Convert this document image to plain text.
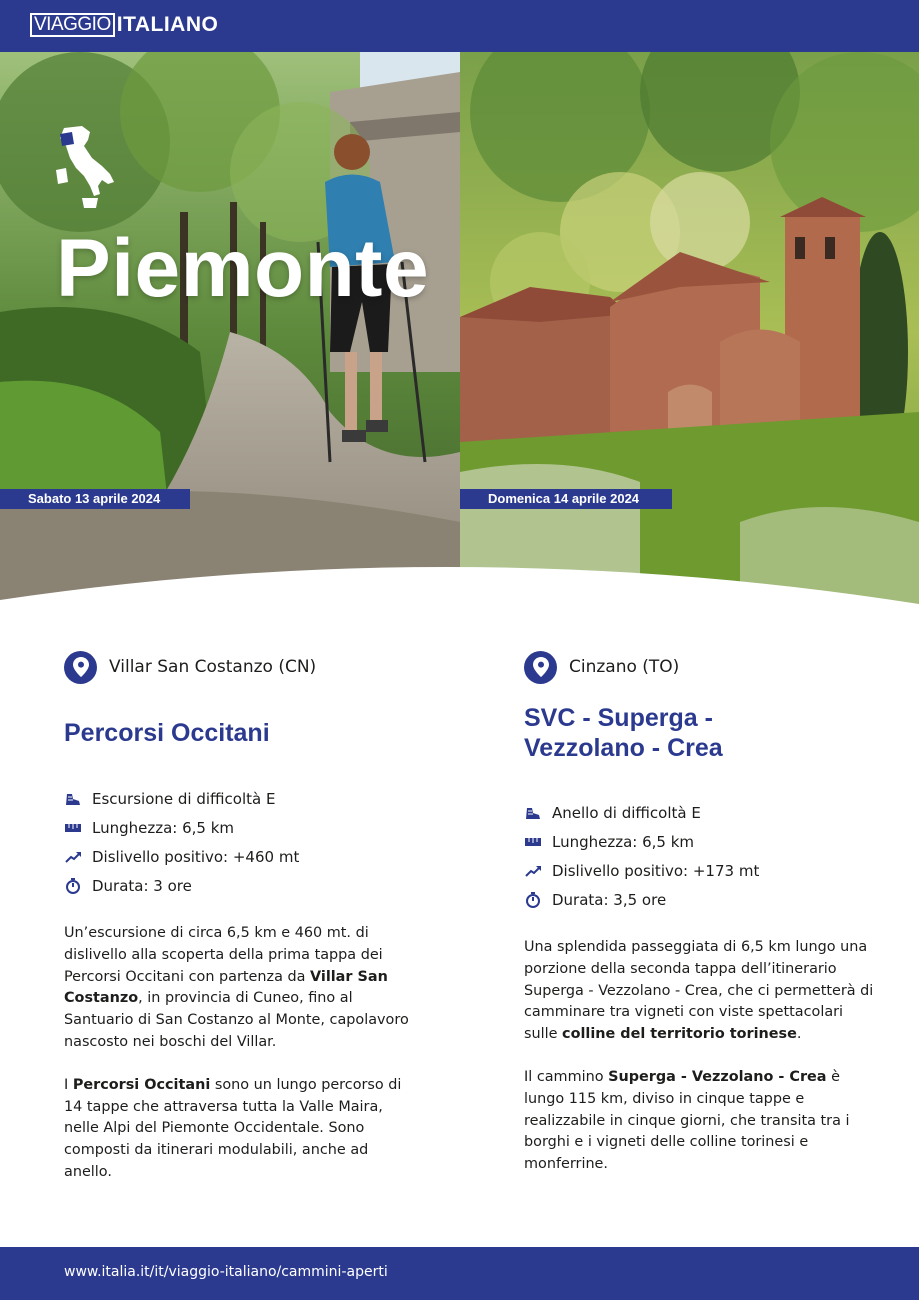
VIAGGIO ITALIANO
Piemonte
Sabato 13 aprile 2024	Domenica 14 aprile 2024
Villar San Costanzo (CN)
Percorsi Occitani
Escursione di difficoltà E
Lunghezza: 6,5 km
Dislivello positivo: +460 mt
Durata: 3 ore

Un’escursione di circa 6,5 km e 460 mt. di dislivello alla scoperta della prima tappa dei Percorsi Occitani con partenza da Villar San Costanzo, in provincia di Cuneo, fino al Santuario di San Costanzo al Monte, capolavoro nascosto nei boschi del Villar.

I Percorsi Occitani sono un lungo percorso di 14 tappe che attraversa tutta la Valle Maira, nelle Alpi del Piemonte Occidentale. Sono composti da itinerari modulabili, anche ad anello.

Cinzano (TO)
SVC - Superga -
Vezzolano - Crea
Anello di difficoltà E
Lunghezza: 6,5 km
Dislivello positivo: +173 mt
Durata: 3,5 ore

Una splendida passeggiata di 6,5 km lungo una porzione della seconda tappa dell’itinerario Superga - Vezzolano - Crea, che ci permetterà di camminare tra vigneti con viste spettacolari sulle colline del territorio torinese.

Il cammino Superga - Vezzolano - Crea è lungo 115 km, diviso in cinque tappe e realizzabile in cinque giorni, che transita tra i borghi e i vigneti delle colline torinesi e monferrine.

www.italia.it/it/viaggio-italiano/cammini-aperti
